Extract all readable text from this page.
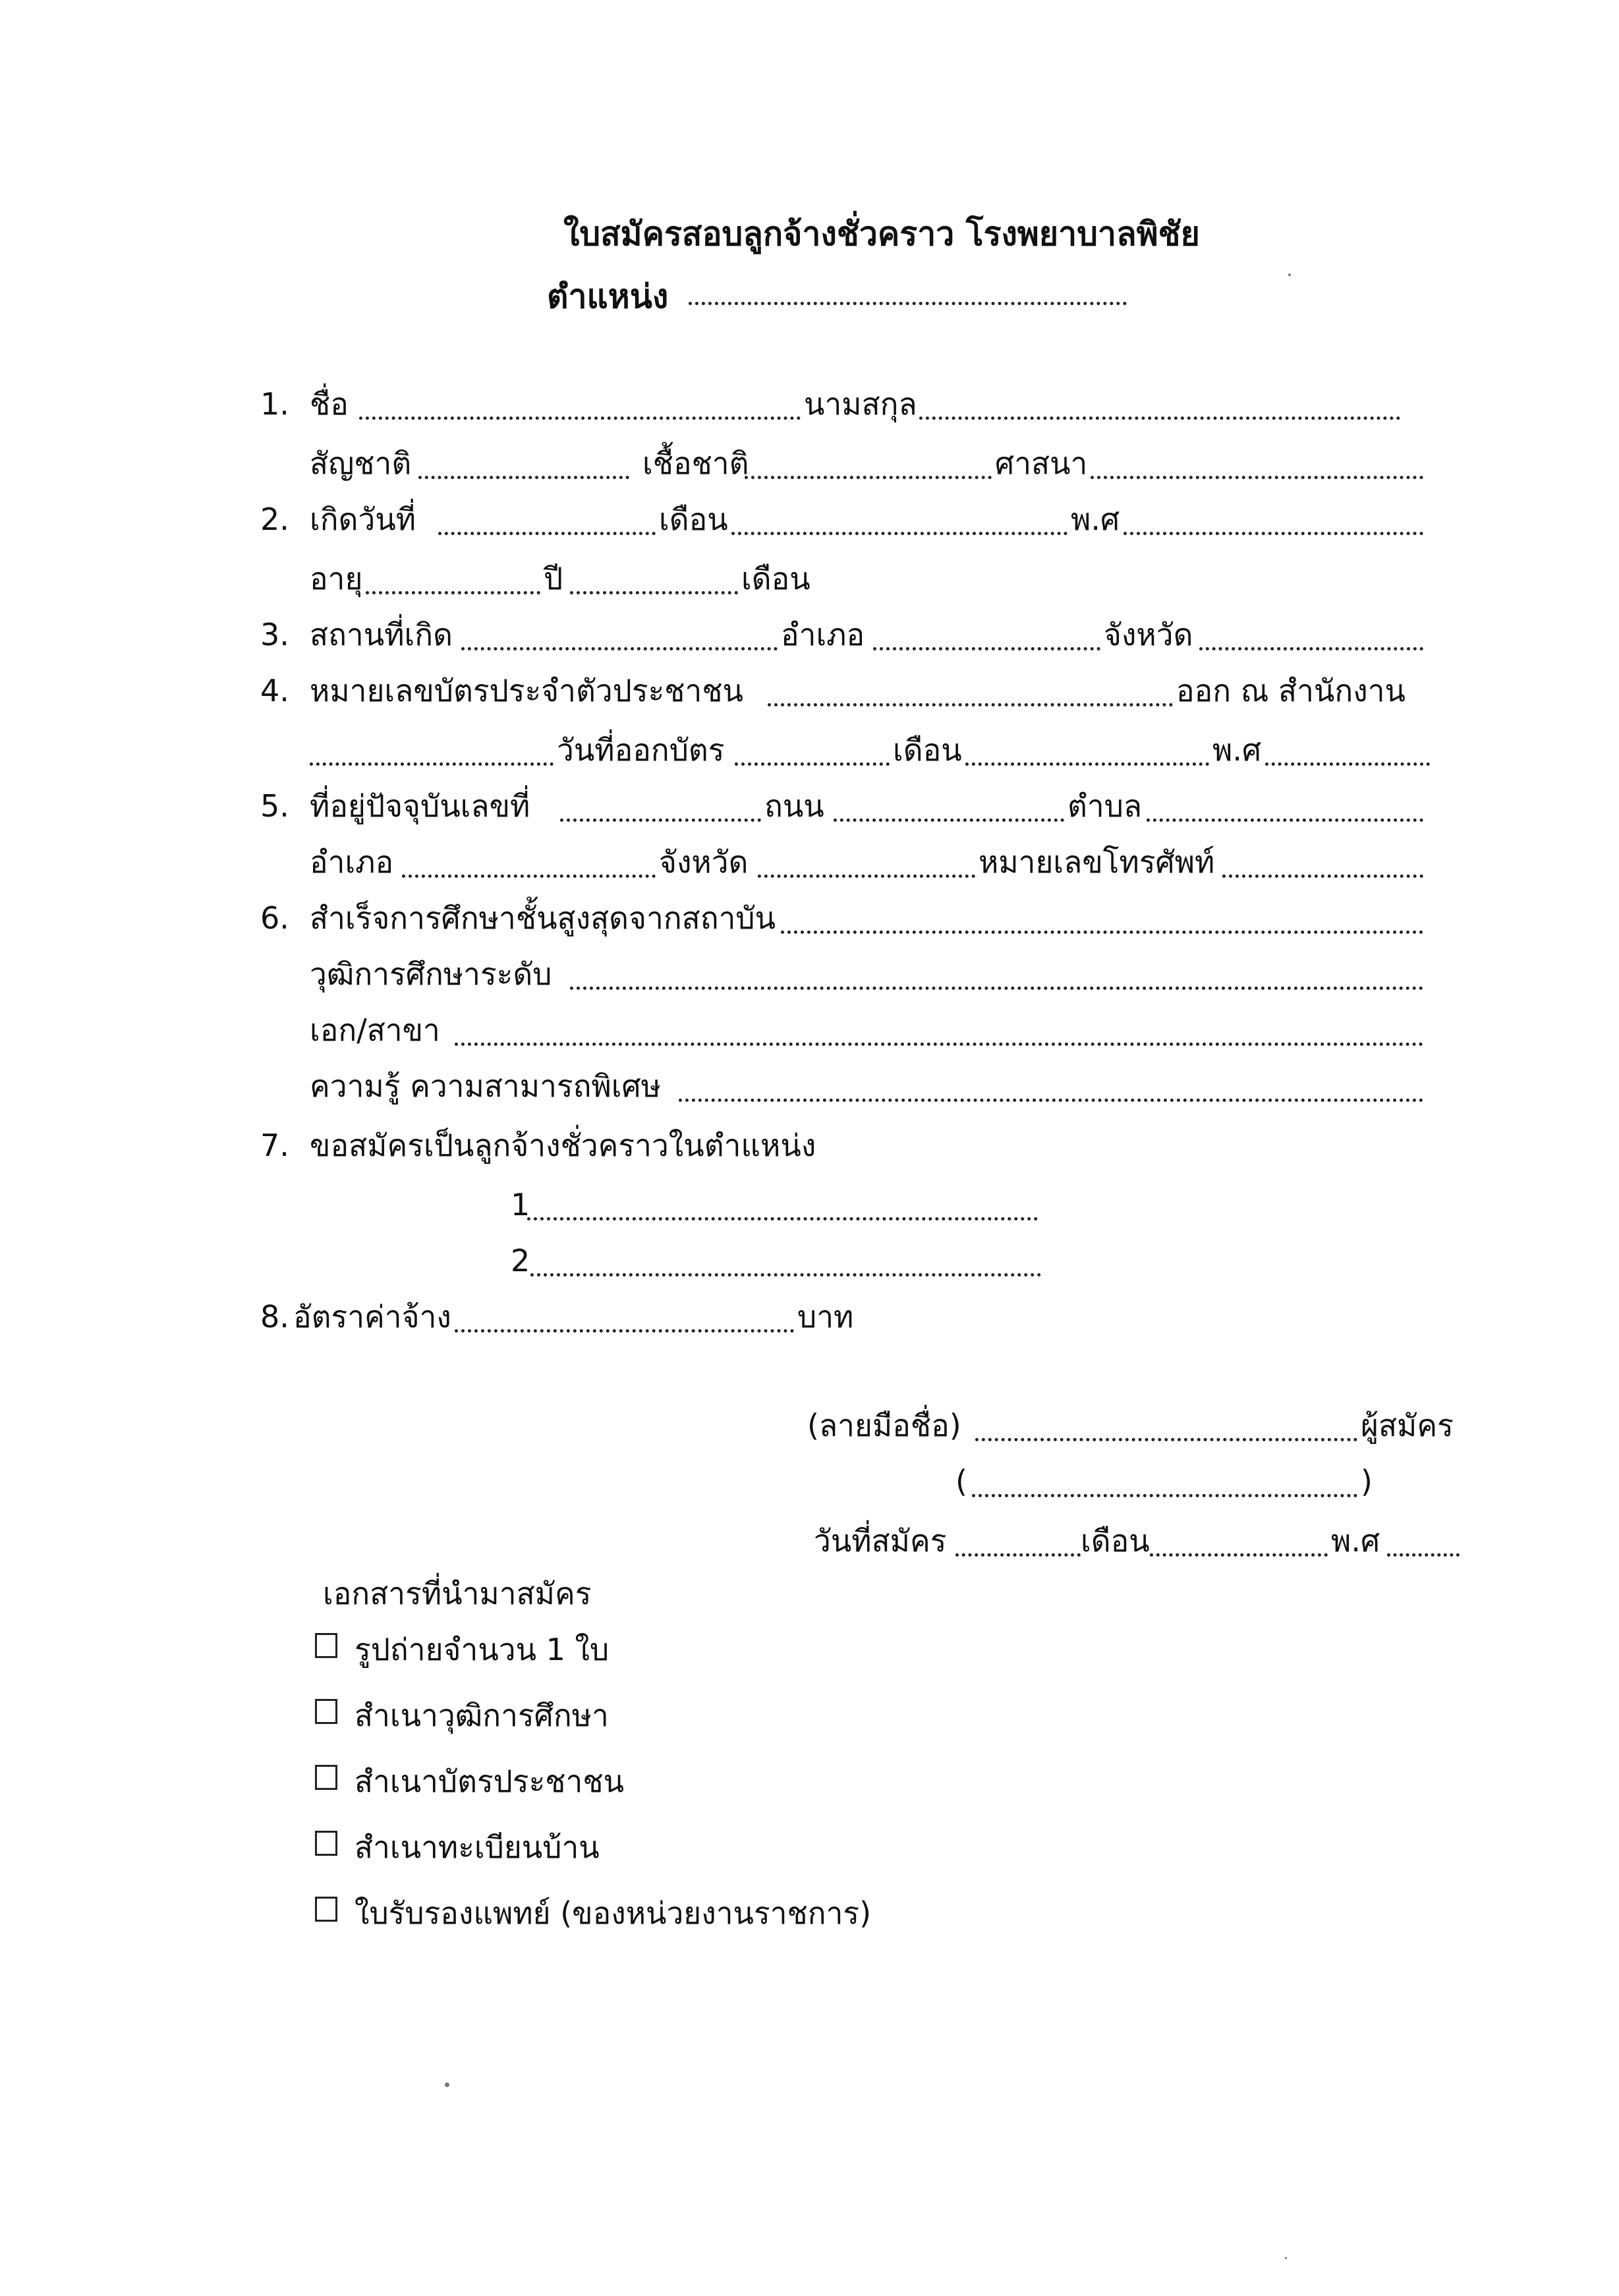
ใบสมัครสอบลูกจ้างชั่วคราว โรงพยาบาลพิชัย
ตำแหน่ง
1. ชื่อ	นามสกุล
สัญชาติ	เชื้อชาติ	ศาสนา
2. เกิดวันที่	เดือน	พ.ศ
อายุ	ปี	เดือน
3. สถานที่เกิด	อำเภอ	จังหวัด
4. หมายเลขบัตรประจำตัวประชาชน	ออก ณ สำนักงาน
วันที่ออกบัตร	เดือน	พ.ศ
5. ที่อยู่ปัจจุบันเลขที่	ถนน	ตำบล
อำเภอ	จังหวัด	หมายเลขโทรศัพท์
6. สำเร็จการศึกษาชั้นสูงสุดจากสถาบัน
วุฒิการศึกษาระดับ
เอก/สาขา
ความรู้ ความสามารถพิเศษ
7. ขอสมัครเป็นลูกจ้างชั่วคราวในตำแหน่ง
1
2
8. อัตราค่าจ้าง	บาท
(ลายมือชื่อ)	ผู้สมัคร
(	)
วันที่สมัคร	เดือน	พ.ศ
เอกสารที่นำมาสมัคร
รูปถ่ายจำนวน 1 ใบ
สำเนาวุฒิการศึกษา
สำเนาบัตรประชาชน
สำเนาทะเบียนบ้าน
ใบรับรองแพทย์ (ของหน่วยงานราชการ)
